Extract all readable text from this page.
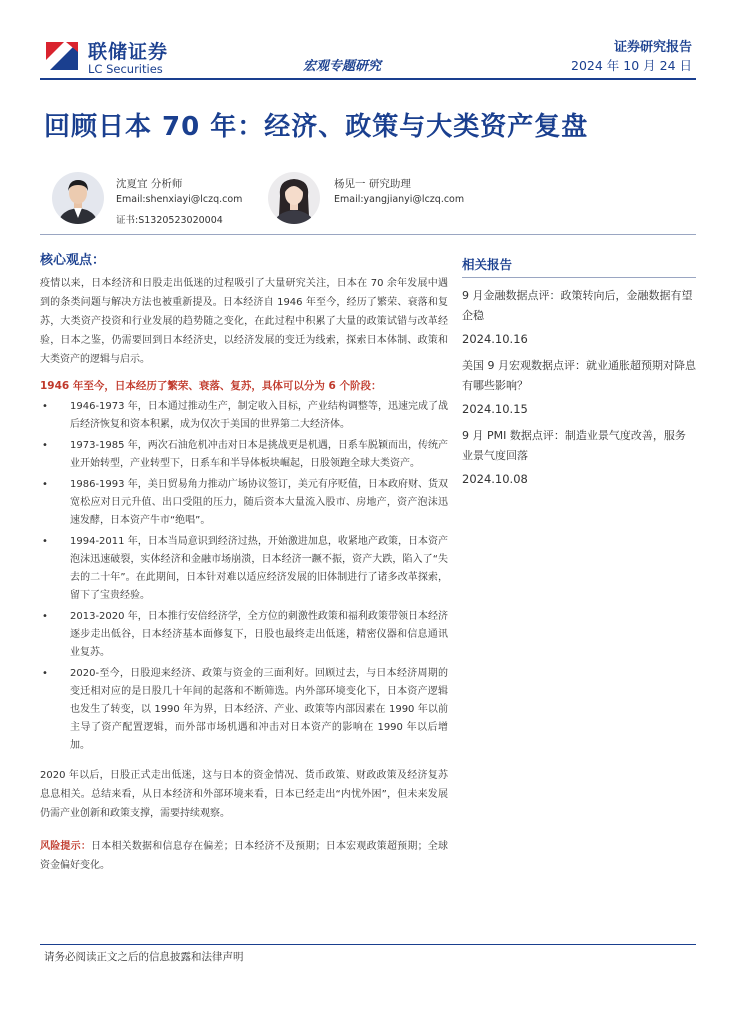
联储证券
LC Securities	宏观专题研究
证券研究报告
2024 年 10 月 24 日
回顾日本 70 年：经济、政策与大类资产复盘
沈夏宜 分析师
Email:shenxiayi@lczq.com
证书:S1320523020004
杨见一 研究助理
Email:yangjianyi@lczq.com
核心观点：

疫情以来，日本经济和日股走出低迷的过程吸引了大量研究关注，日本在 70 余年发展中遇到的条类问题与解决方法也被重新提及。日本经济自 1946 年至今，经历了繁荣、衰落和复苏，大类资产投资和行业发展的趋势随之变化，在此过程中积累了大量的政策试错与改革经验，日本之鉴，仍需要回到日本经济史，以经济发展的变迁为线索，探索日本体制、政策和大类资产的逻辑与启示。

1946 年至今，日本经历了繁荣、衰落、复苏，具体可以分为 6 个阶段：
• 1946-1973 年，日本通过推动生产，制定收入目标，产业结构调整等，迅速完成了战后经济恢复和资本积累，成为仅次于美国的世界第二大经济体。
• 1973-1985 年，两次石油危机冲击对日本是挑战更是机遇，日系车脱颖而出，传统产业开始转型，产业转型下，日系车和半导体板块崛起，日股领跑全球大类资产。
• 1986-1993 年，美日贸易角力推动广场协议签订，美元有序贬值，日本政府财、货双宽松应对日元升值、出口受阻的压力，随后资本大量流入股市、房地产，资产泡沫迅速发酵，日本资产牛市“绝唱”。
• 1994-2011 年，日本当局意识到经济过热，开始激进加息，收紧地产政策，日本资产泡沫迅速破裂，实体经济和金融市场崩溃，日本经济一蹶不振，资产大跌，陷入了“失去的二十年”。在此期间，日本针对难以适应经济发展的旧体制进行了诸多改革探索，留下了宝贵经验。
• 2013-2020 年，日本推行安倍经济学，全方位的刺激性政策和福利政策带领日本经济逐步走出低谷，日本经济基本面修复下，日股也最终走出低迷，精密仪器和信息通讯业复苏。
• 2020-至今，日股迎来经济、政策与资金的三面利好。回顾过去，与日本经济周期的变迁相对应的是日股几十年间的起落和不断筛选。内外部环境变化下，日本资产逻辑也发生了转变，以 1990 年为界，日本经济、产业、政策等内部因素在 1990 年以前主导了资产配置逻辑，而外部市场机遇和冲击对日本资产的影响在 1990 年以后增加。

2020 年以后，日股正式走出低迷，这与日本的资金情况、货币政策、财政政策及经济复苏息息相关。总结来看，从日本经济和外部环境来看，日本已经走出“内忧外困”，但未来发展仍需产业创新和政策支撑，需要持续观察。

风险提示：日本相关数据和信息存在偏差；日本经济不及预期；日本宏观政策超预期；全球资金偏好变化。

相关报告
9 月金融数据点评：政策转向后，金融数据有望企稳
2024.10.16
美国 9 月宏观数据点评：就业通胀超预期对降息有哪些影响？
2024.10.15
9 月 PMI 数据点评：制造业景气度改善，服务业景气度回落
2024.10.08
请务必阅读正文之后的信息披露和法律声明
